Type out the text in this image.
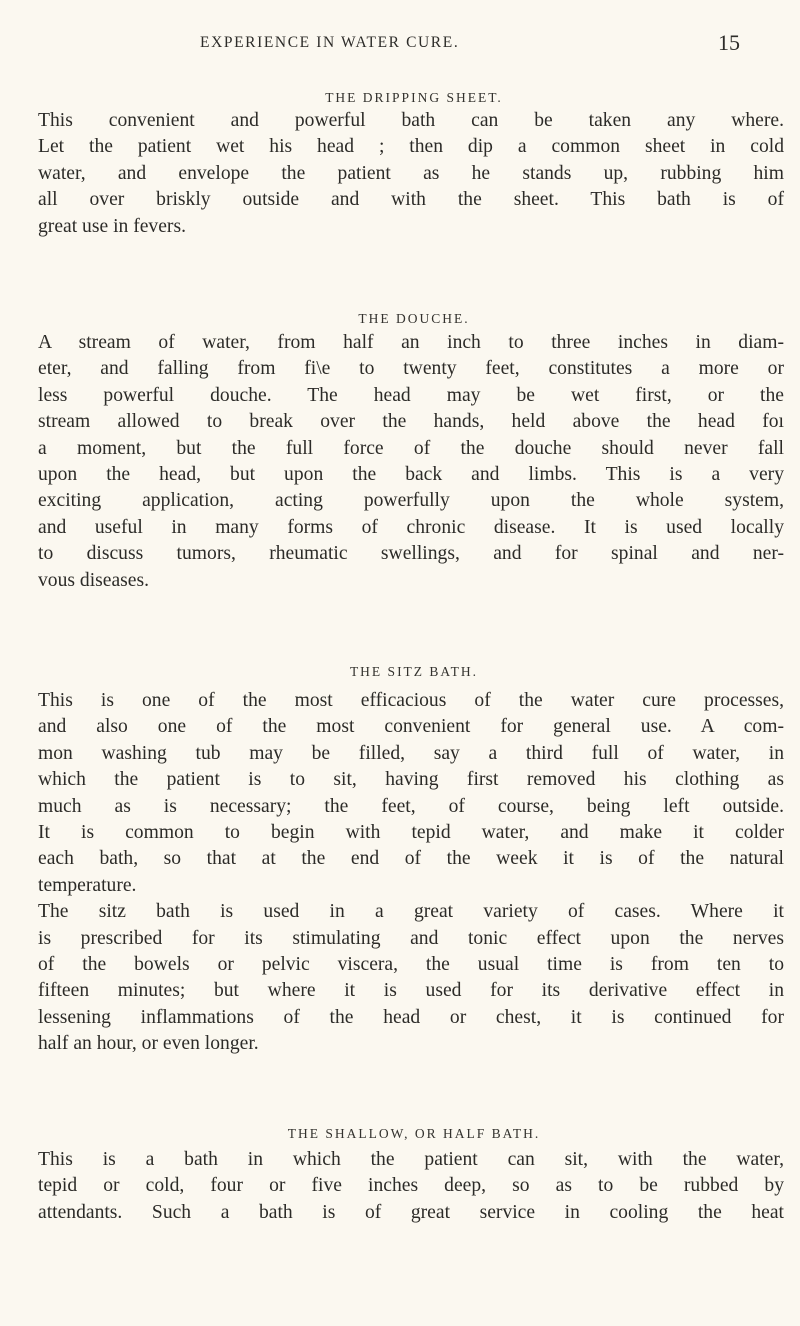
EXPERIENCE IN WATER CURE.	15
THE DRIPPING SHEET.
This convenient and powerful bath can be taken any where.
Let the patient wet his head ; then dip a common sheet in cold
water, and envelope the patient as he stands up, rubbing him
all over briskly outside and with the sheet. This bath is of
great use in fevers.
THE DOUCHE.
A stream of water, from half an inch to three inches in diam-
eter, and falling from fi\e to twenty feet, constitutes a more or
less powerful douche. The head may be wet first, or the
stream allowed to break over the hands, held above the head foı
a moment, but the full force of the douche should never fall
upon the head, but upon the back and limbs. This is a very
exciting application, acting powerfully upon the whole system,
and useful in many forms of chronic disease. It is used locally
to discuss tumors, rheumatic swellings, and for spinal and ner-
vous diseases.
THE SITZ BATH.
This is one of the most efficacious of the water cure processes,
and also one of the most convenient for general use. A com-
mon washing tub may be filled, say a third full of water, in
which the patient is to sit, having first removed his clothing as
much as is necessary; the feet, of course, being left outside.
It is common to begin with tepid water, and make it colder
each bath, so that at the end of the week it is of the natural
temperature.
The sitz bath is used in a great variety of cases. Where it
is prescribed for its stimulating and tonic effect upon the nerves
of the bowels or pelvic viscera, the usual time is from ten to
fifteen minutes; but where it is used for its derivative effect in
lessening inflammations of the head or chest, it is continued for
half an hour, or even longer.
THE SHALLOW, OR HALF BATH.
This is a bath in which the patient can sit, with the water,
tepid or cold, four or five inches deep, so as to be rubbed by
attendants. Such a bath is of great service in cooling the heat
